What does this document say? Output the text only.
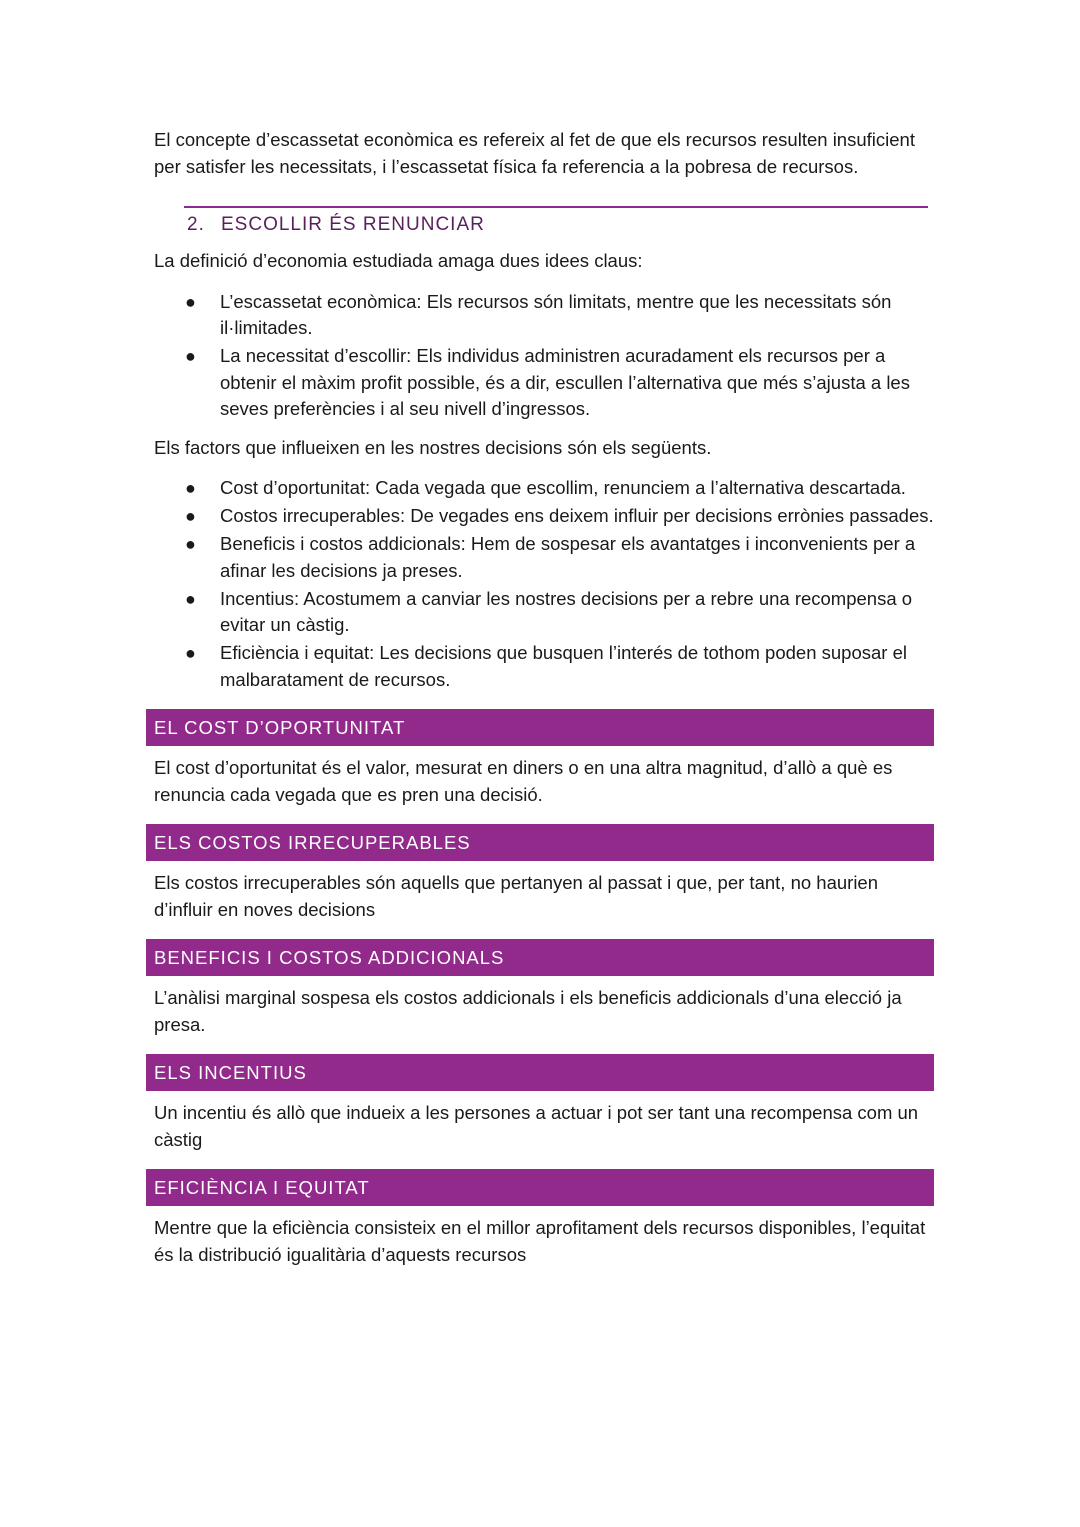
El concepte d’escassetat econòmica es refereix al fet de que els recursos resulten insuficient per satisfer les necessitats, i l’escassetat física fa referencia a la pobresa de recursos.

2. ESCOLLIR ÉS RENUNCIAR

La definició d’economia estudiada amaga dues idees claus:

● L’escassetat econòmica: Els recursos són limitats, mentre que les necessitats són il·limitades.
● La necessitat d’escollir: Els individus administren acuradament els recursos per a obtenir el màxim profit possible, és a dir, escullen l’alternativa que més s’ajusta a les seves preferències i al seu nivell d’ingressos.

Els factors que influeixen en les nostres decisions són els següents.

● Cost d’oportunitat: Cada vegada que escollim, renunciem a l’alternativa descartada.
● Costos irrecuperables: De vegades ens deixem influir per decisions errònies passades.
● Beneficis i costos addicionals: Hem de sospesar els avantatges i inconvenients per a afinar les decisions ja preses.
● Incentius: Acostumem a canviar les nostres decisions per a rebre una recompensa o evitar un càstig.
● Eficiència i equitat: Les decisions que busquen l’interés de tothom poden suposar el malbaratament de recursos.
EL COST D’OPORTUNITAT

El cost d’oportunitat és el valor, mesurat en diners o en una altra magnitud, d’allò a què es renuncia cada vegada que es pren una decisió.

ELS COSTOS IRRECUPERABLES

Els costos irrecuperables són aquells que pertanyen al passat i que, per tant, no haurien d’influir en noves decisions

BENEFICIS I COSTOS ADDICIONALS

L’anàlisi marginal sospesa els costos addicionals i els beneficis addicionals d’una elecció ja presa.

ELS INCENTIUS

Un incentiu és allò que indueix a les persones a actuar i pot ser tant una recompensa com un càstig

EFICIÈNCIA I EQUITAT

Mentre que la eficiència consisteix en el millor aprofitament dels recursos disponibles, l’equitat és la distribució igualitària d’aquests recursos
